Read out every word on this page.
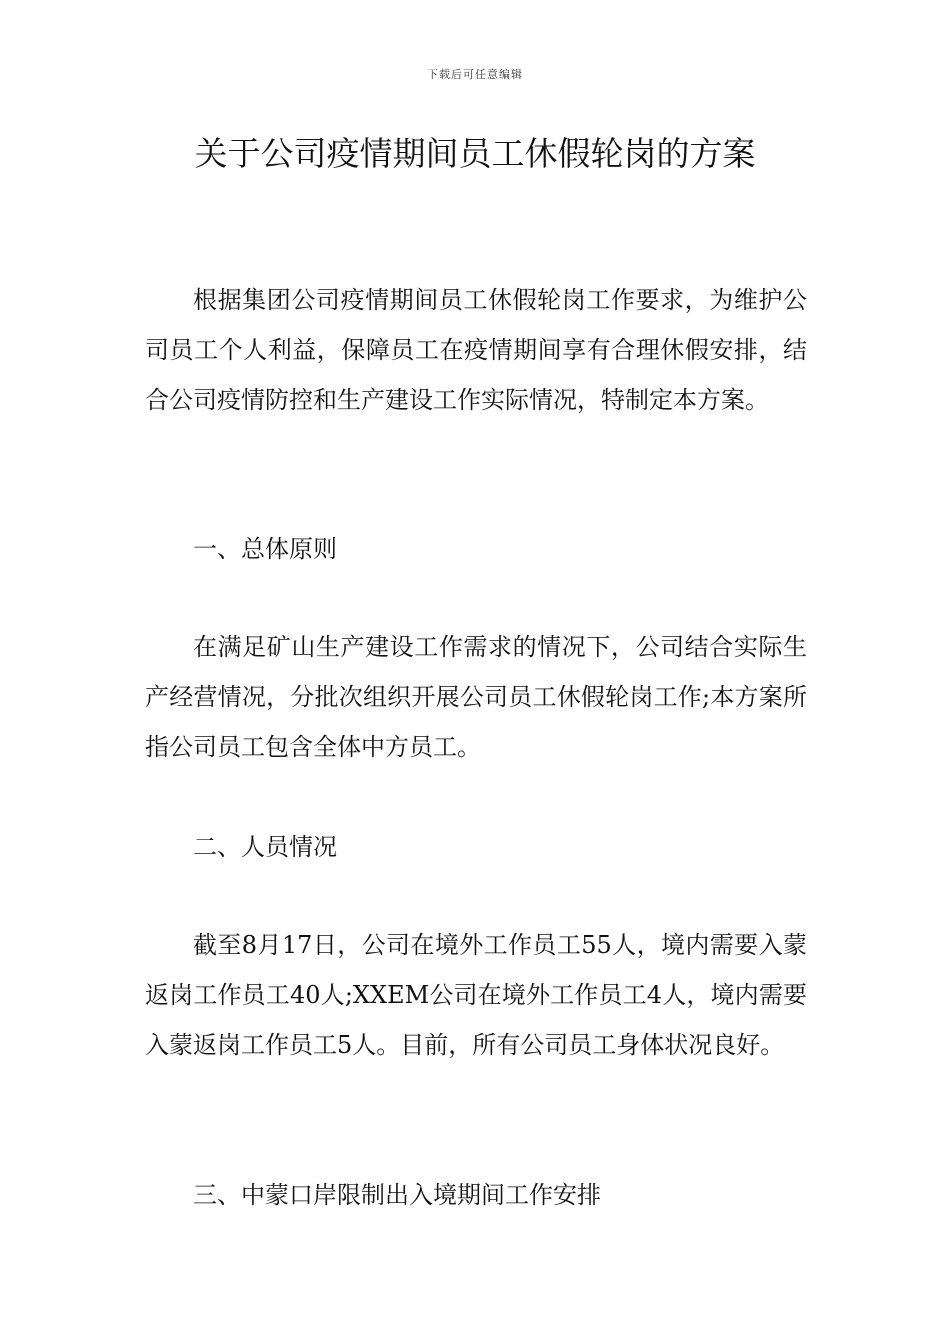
下载后可任意编辑
关于公司疫情期间员工休假轮岗的方案

根据集团公司疫情期间员工休假轮岗工作要求，为维护公司员工个人利益，保障员工在疫情期间享有合理休假安排，结合公司疫情防控和生产建设工作实际情况，特制定本方案。

一、总体原则

在满足矿山生产建设工作需求的情况下，公司结合实际生产经营情况，分批次组织开展公司员工休假轮岗工作;本方案所指公司员工包含全体中方员工。

二、人员情况

截至8月17日，公司在境外工作员工55人，境内需要入蒙返岗工作员工40人;XXEM公司在境外工作员工4人，境内需要入蒙返岗工作员工5人。目前，所有公司员工身体状况良好。

三、中蒙口岸限制出入境期间工作安排
